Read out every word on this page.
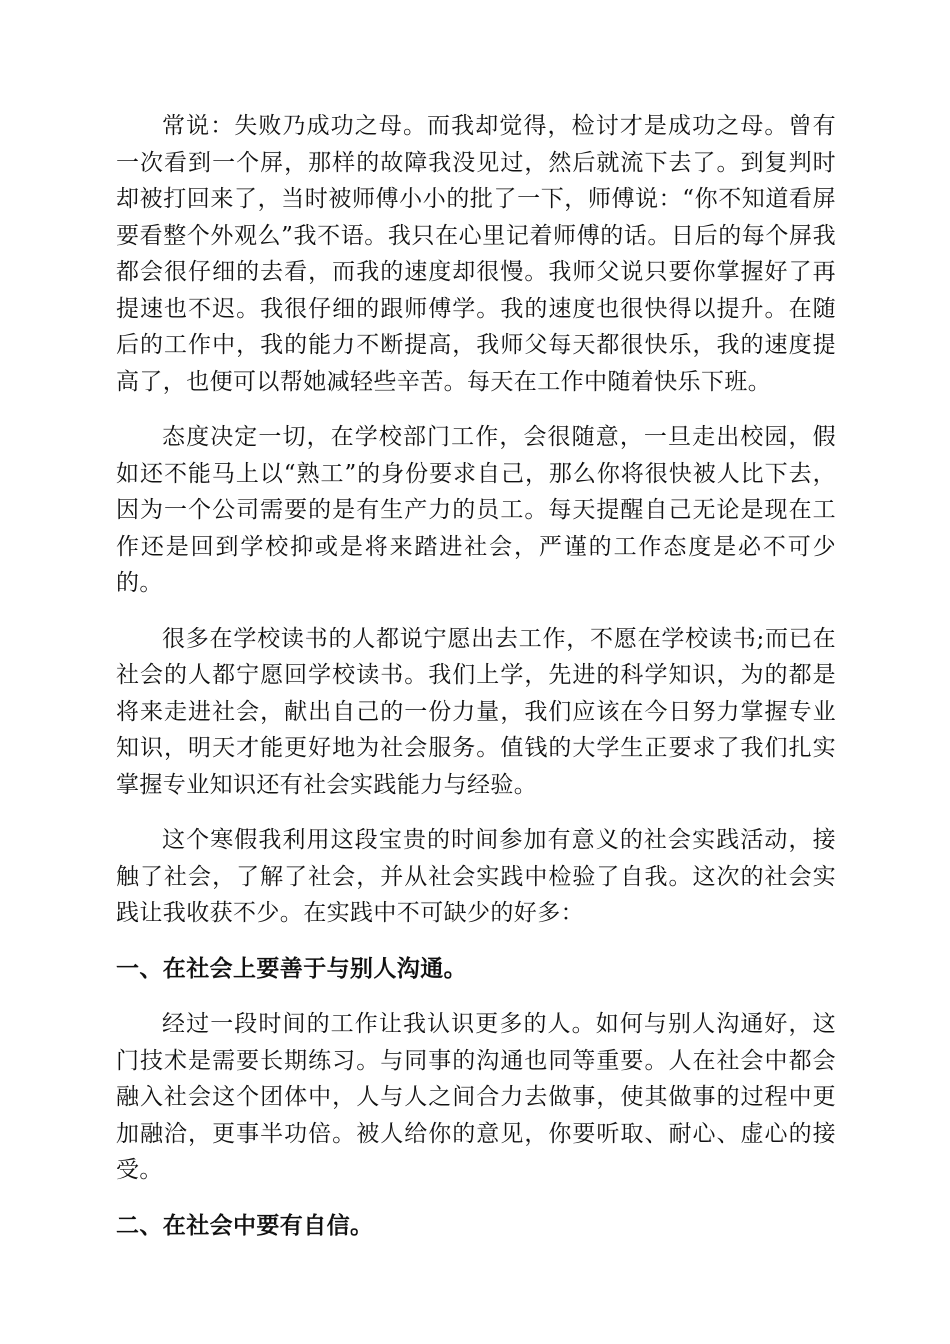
常说：失败乃成功之母。而我却觉得，检讨才是成功之母。曾有一次看到一个屏，那样的故障我没见过，然后就流下去了。到复判时却被打回来了，当时被师傅小小的批了一下，师傅说：“你不知道看屏要看整个外观么”我不语。我只在心里记着师傅的话。日后的每个屏我都会很仔细的去看，而我的速度却很慢。我师父说只要你掌握好了再提速也不迟。我很仔细的跟师傅学。我的速度也很快得以提升。在随后的工作中，我的能力不断提高，我师父每天都很快乐，我的速度提高了，也便可以帮她减轻些辛苦。每天在工作中随着快乐下班。

态度决定一切，在学校部门工作，会很随意，一旦走出校园，假如还不能马上以“熟工”的身份要求自己，那么你将很快被人比下去，因为一个公司需要的是有生产力的员工。每天提醒自己无论是现在工作还是回到学校抑或是将来踏进社会，严谨的工作态度是必不可少的。

很多在学校读书的人都说宁愿出去工作，不愿在学校读书;而已在社会的人都宁愿回学校读书。我们上学，先进的科学知识，为的都是将来走进社会，献出自己的一份力量，我们应该在今日努力掌握专业知识，明天才能更好地为社会服务。值钱的大学生正要求了我们扎实掌握专业知识还有社会实践能力与经验。

这个寒假我利用这段宝贵的时间参加有意义的社会实践活动，接触了社会，了解了社会，并从社会实践中检验了自我。这次的社会实践让我收获不少。在实践中不可缺少的好多：

一、在社会上要善于与别人沟通。

经过一段时间的工作让我认识更多的人。如何与别人沟通好，这门技术是需要长期练习。与同事的沟通也同等重要。人在社会中都会融入社会这个团体中，人与人之间合力去做事，使其做事的过程中更加融洽，更事半功倍。被人给你的意见，你要听取、耐心、虚心的接受。

二、在社会中要有自信。
